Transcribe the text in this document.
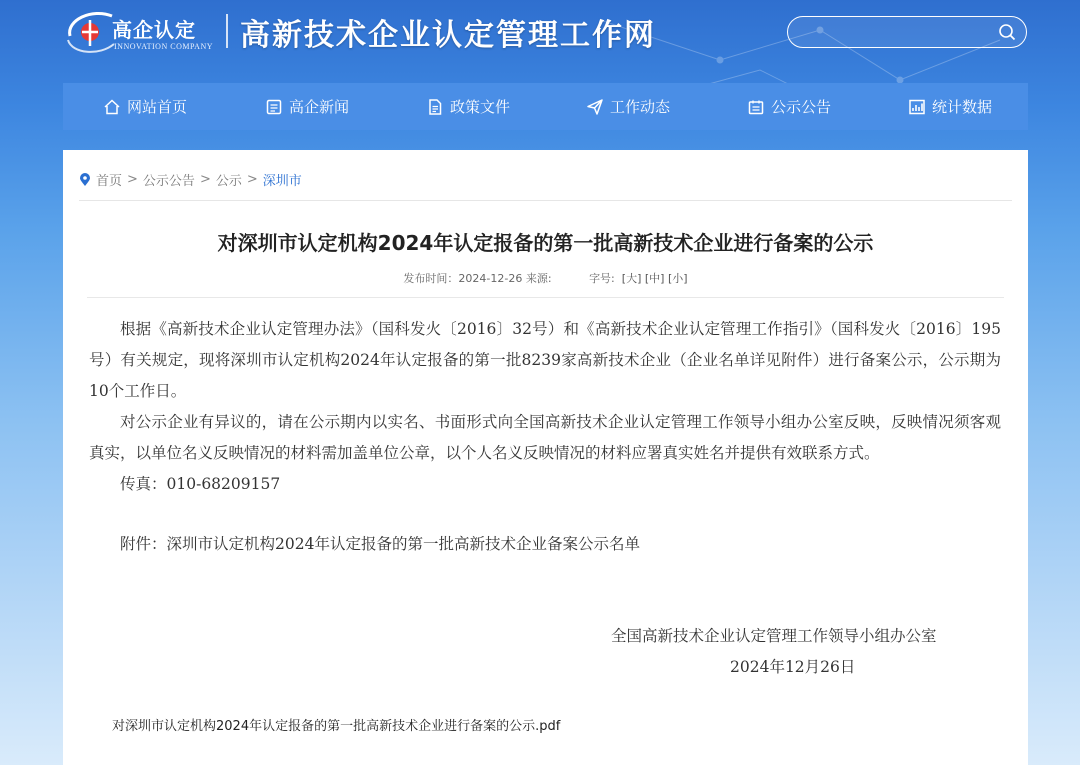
高企认定
INNOVATION COMPANY 高新技术企业认定管理工作网
网站首页	高企新闻	政策文件	工作动态	公示公告	统计数据
首页 > 公示公告 > 公示 > 深圳市
对深圳市认定机构2024年认定报备的第一批高新技术企业进行备案的公示
发布时间：2024-12-26 来源:	字号: [大] [中] [小]

根据《高新技术企业认定管理办法》（国科发火〔2016〕32号）和《高新技术企业认定管理工作指引》（国科发火〔2016〕195号）有关规定，现将深圳市认定机构2024年认定报备的第一批8239家高新技术企业（企业名单详见附件）进行备案公示，公示期为10个工作日。

对公示企业有异议的，请在公示期内以实名、书面形式向全国高新技术企业认定管理工作领导小组办公室反映，反映情况须客观真实，以单位名义反映情况的材料需加盖单位公章，以个人名义反映情况的材料应署真实姓名并提供有效联系方式。

传真：010-68209157

附件：深圳市认定机构2024年认定报备的第一批高新技术企业备案公示名单

全国高新技术企业认定管理工作领导小组办公室
2024年12月26日
对深圳市认定机构2024年认定报备的第一批高新技术企业进行备案的公示.pdf
